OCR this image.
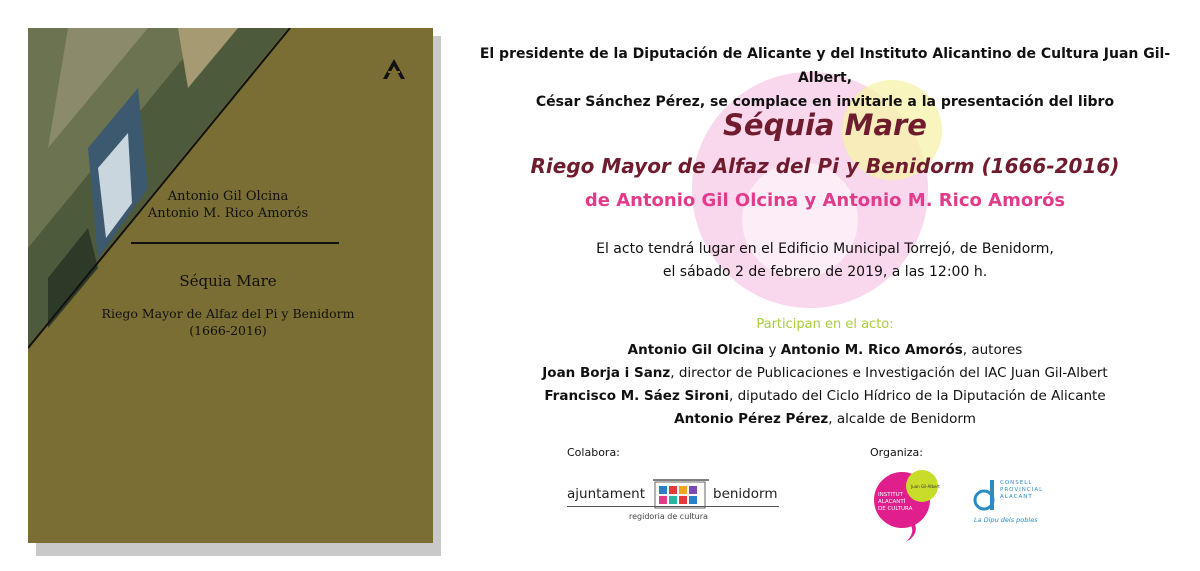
Antonio Gil Olcina
Antonio M. Rico Amorós
Séquia Mare
Riego Mayor de Alfaz del Pi y Benidorm
(1666-2016)
El presidente de la Diputación de Alicante y del Instituto Alicantino de Cultura Juan Gil-Albert,
César Sánchez Pérez, se complace en invitarle a la presentación del libro
Séquia Mare
Riego Mayor de Alfaz del Pi y Benidorm (1666-2016)
de Antonio Gil Olcina y Antonio M. Rico Amorós
El acto tendrá lugar en el Edificio Municipal Torrejó, de Benidorm,
el sábado 2 de febrero de 2019, a las 12:00 h.
Participan en el acto:
Antonio Gil Olcina y Antonio M. Rico Amorós, autores
Joan Borja i Sanz, director de Publicaciones e Investigación del IAC Juan Gil-Albert
Francisco M. Sáez Sironi, diputado del Ciclo Hídrico de la Diputación de Alicante
Antonio Pérez Pérez, alcalde de Benidorm
Colabora:	Organiza:
ajuntament	benidorm
regidoria de cultura
INSTITUT
ALACANTÍ
DE CULTURA
Juan Gil-Albert
CONSELL
PROVINCIAL
ALACANT
La Dipu dels pobles
